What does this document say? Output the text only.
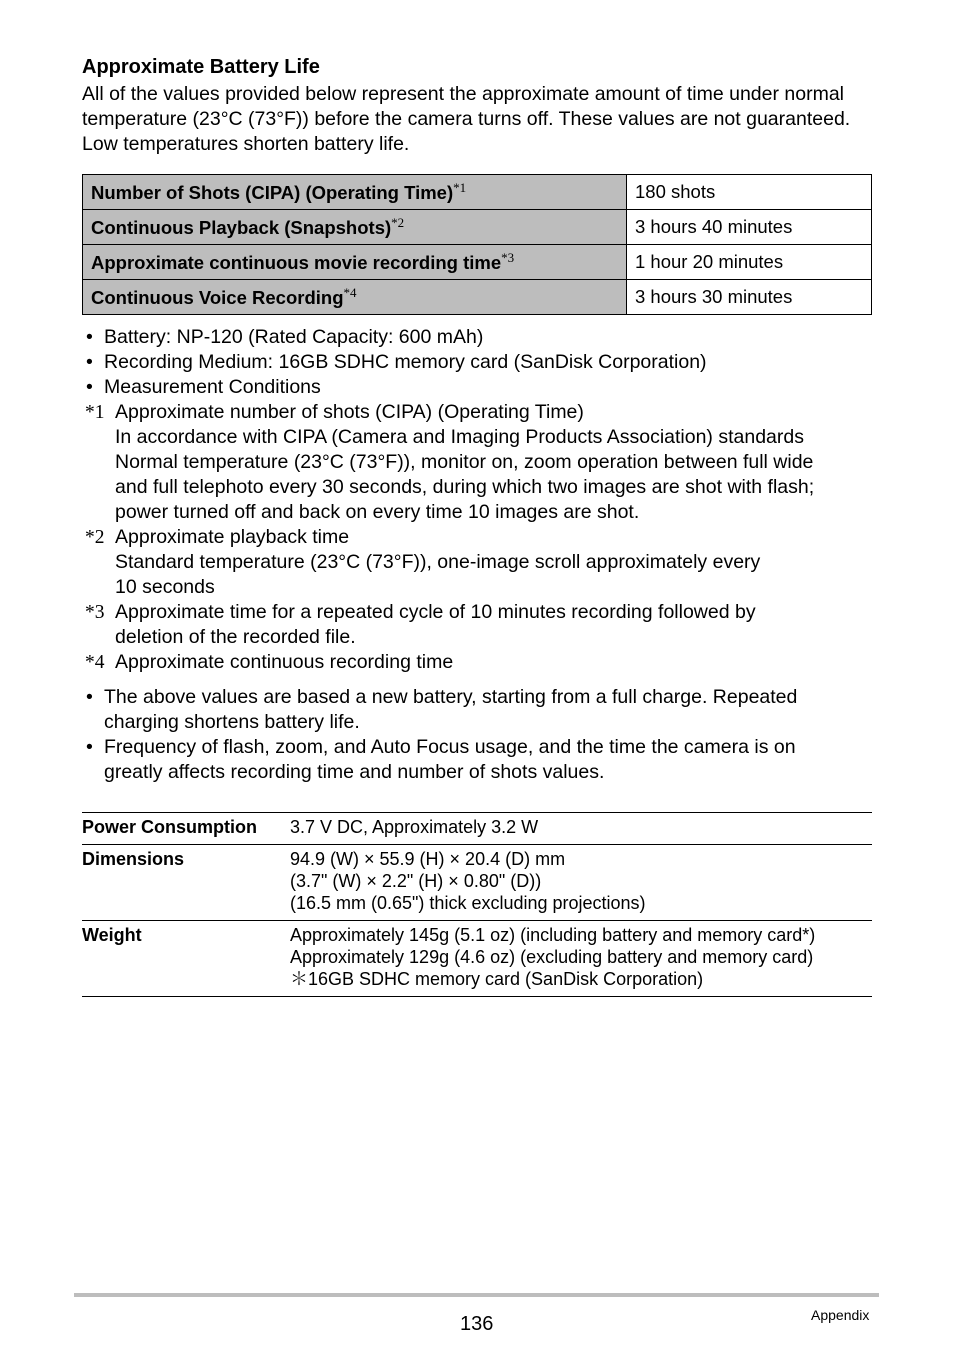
Approximate Battery Life

All of the values provided below represent the approximate amount of time under normal temperature (23°C (73°F)) before the camera turns off. These values are not guaranteed. Low temperatures shorten battery life.

Number of Shots (CIPA) (Operating Time)$^{*1}$	180 shots
Continuous Playback (Snapshots)$^{*2}$	3 hours 40 minutes
Approximate continuous movie recording time$^{*3}$	1 hour 20 minutes
Continuous Voice Recording$^{*4}$	3 hours 30 minutes
• Battery: NP-120 (Rated Capacity: 600 mAh)
• Recording Medium: 16GB SDHC memory card (SanDisk Corporation)
• Measurement Conditions
*1 Approximate number of shots (CIPA) (Operating Time)
In accordance with CIPA (Camera and Imaging Products Association) standards
Normal temperature (23°C (73°F)), monitor on, zoom operation between full wide
and full telephoto every 30 seconds, during which two images are shot with flash;
power turned off and back on every time 10 images are shot.
*2 Approximate playback time
Standard temperature (23°C (73°F)), one-image scroll approximately every
10 seconds
*3 Approximate time for a repeated cycle of 10 minutes recording followed by
deletion of the recorded file.
*4 Approximate continuous recording time
• The above values are based a new battery, starting from a full charge. Repeated
charging shortens battery life.
• Frequency of flash, zoom, and Auto Focus usage, and the time the camera is on
greatly affects recording time and number of shots values.
Power Consumption	3.7 V DC, Approximately 3.2 W

Dimensions	94.9 (W) × 55.9 (H) × 20.4 (D) mm
(3.7" (W) × 2.2" (H) × 0.80" (D))
(16.5 mm (0.65") thick excluding projections)

Weight	Approximately 145g (5.1 oz) (including battery and memory card*)
Approximately 129g (4.6 oz) (excluding battery and memory card)
＊16GB SDHC memory card (SanDisk Corporation)
136	Appendix
